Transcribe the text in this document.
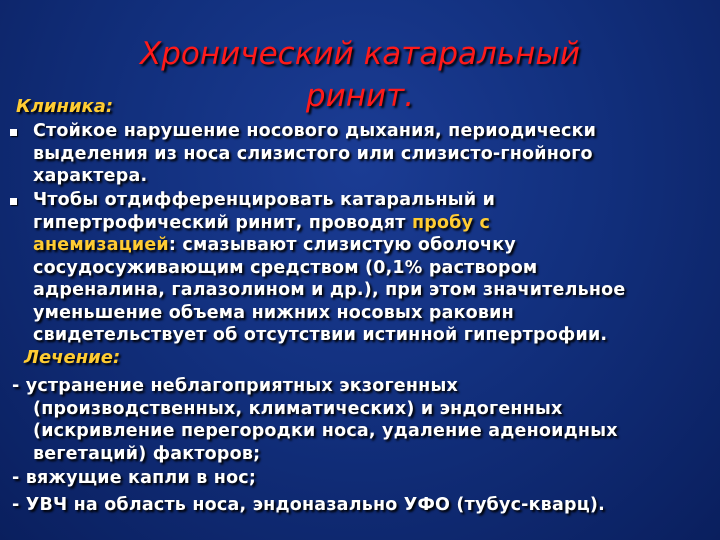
Хронический катаральный
ринит.
Клиника:
Стойкое нарушение носового дыхания, периодически
выделения из носа слизистого или слизисто-гнойного
характера.
Чтобы отдифференцировать катаральный и
гипертрофический ринит, проводят пробу с
анемизацией: смазывают слизистую оболочку
сосудосуживающим средством (0,1% раствором
адреналина, галазолином и др.), при этом значительное
уменьшение объема нижних носовых раковин
свидетельствует об отсутствии истинной гипертрофии.
Лечение:
- устранение неблагоприятных экзогенных
(производственных, климатических) и эндогенных
(искривление перегородки носа, удаление аденоидных
вегетаций) факторов;
- вяжущие капли в нос;
- УВЧ на область носа, эндоназально УФО (тубус-кварц).
